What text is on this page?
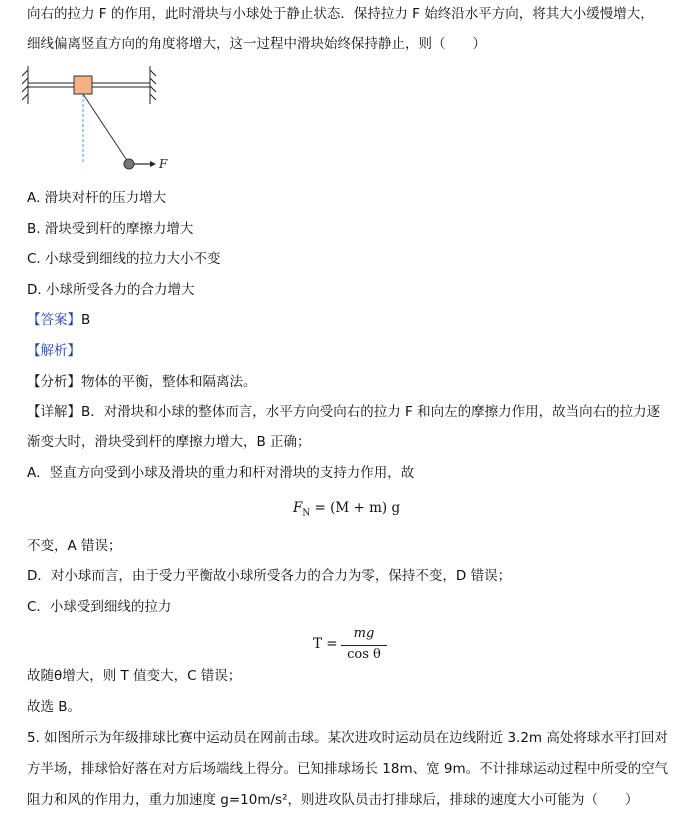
向右的拉力 F 的作用，此时滑块与小球处于静止状态．保持拉力 F 始终沿水平方向，将其大小缓慢增大，
细线偏离竖直方向的角度将增大，这一过程中滑块始终保持静止，则（　　）
F
A. 滑块对杆的压力增大
B. 滑块受到杆的摩擦力增大
C. 小球受到细线的拉力大小不变
D. 小球所受各力的合力增大
【答案】B
【解析】
【分析】物体的平衡，整体和隔离法。
【详解】B．对滑块和小球的整体而言，水平方向受向右的拉力 F 和向左的摩擦力作用，故当向右的拉力逐
渐变大时，滑块受到杆的摩擦力增大，B 正确；
A．竖直方向受到小球及滑块的重力和杆对滑块的支持力作用，故
$F_N = (M + m)$ g
不变，A 错误；
D．对小球而言，由于受力平衡故小球所受各力的合力为零，保持不变，D 错误；
C．小球受到细线的拉力
T =
mg
cos θ
故随θ增大，则 T 值变大，C 错误；
故选 B。
5. 如图所示为年级排球比赛中运动员在网前击球。某次进攻时运动员在边线附近 3.2m 高处将球水平打回对
方半场，排球恰好落在对方后场端线上得分。已知排球场长 18m、宽 9m。不计排球运动过程中所受的空气
阻力和风的作用力，重力加速度 g=10m/s²，则进攻队员击打排球后，排球的速度大小可能为（　　）
